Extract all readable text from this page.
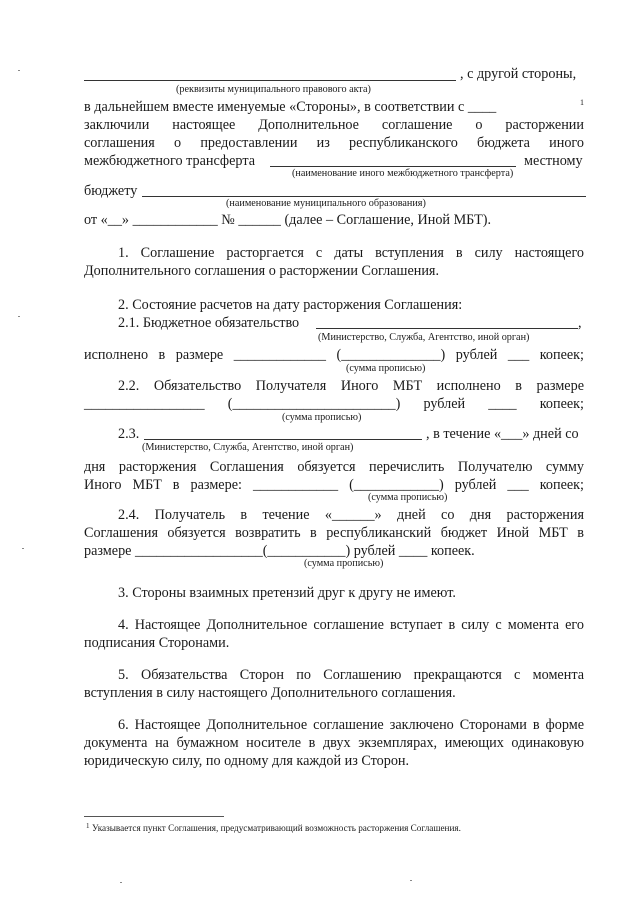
, с другой стороны,
(реквизиты муниципального правового акта)
в дальнейшем вместе именуемые «Стороны», в соответствии с ____	1
заключили настоящее Дополнительное соглашение о расторжении
соглашения о предоставлении из республиканского бюджета иного
межбюджетного трансферта	местному
(наименование иного межбюджетного трансферта)
бюджету
(наименование муниципального образования)
от «__» ____________ № ______ (далее – Соглашение, Иной МБТ).
1. Соглашение расторгается с даты вступления в силу настоящего
Дополнительного соглашения о расторжении Соглашения.
2. Состояние расчетов на дату расторжения Соглашения:
2.1. Бюджетное обязательство	,
(Министерство, Служба, Агентство, иной орган)
исполнено в размере _____________ (______________) рублей ___ копеек;
(сумма прописью)
2.2. Обязательство Получателя Иного МБТ исполнено в размере
_________________ (_______________________) рублей ____ копеек;
(сумма прописью)
2.3.	, в течение «___» дней со
(Министерство, Служба, Агентство, иной орган)
дня расторжения Соглашения обязуется перечислить Получателю сумму
Иного МБТ в размере: ____________ (____________) рублей ___ копеек;
(сумма прописью)
2.4. Получатель в течение «______» дней со дня расторжения
Соглашения обязуется возвратить в республиканский бюджет Иной МБТ в
размере __________________(___________) рублей ____ копеек.
(сумма прописью)
3. Стороны взаимных претензий друг к другу не имеют.
4. Настоящее Дополнительное соглашение вступает в силу с момента его
подписания Сторонами.
5. Обязательства Сторон по Соглашению прекращаются с момента
вступления в силу настоящего Дополнительного соглашения.
6. Настоящее Дополнительное соглашение заключено Сторонами в форме
документа на бумажном носителе в двух экземплярах, имеющих одинаковую
юридическую силу, по одному для каждой из Сторон.
1 Указывается пункт Соглашения, предусматривающий возможность расторжения Соглашения.
